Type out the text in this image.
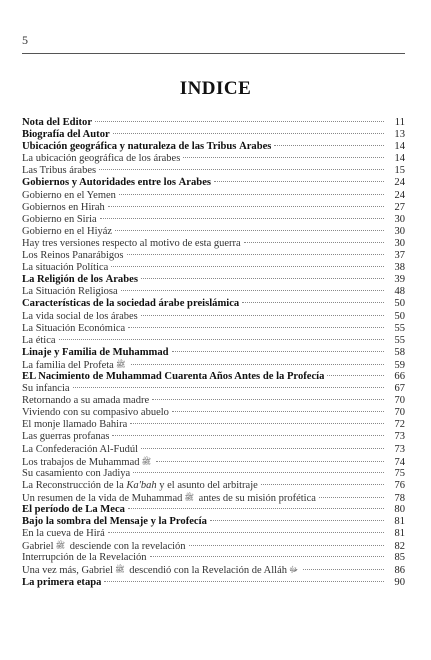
5
INDICE
Nota del Editor	11
Biografía del Autor	13
Ubicación geográfica y naturaleza de las Tribus Árabes	14
La ubicación geográfica de los árabes	14
Las Tribus árabes	15
Gobiernos y Autoridades entre los Árabes	24
Gobierno en el Yemen	24
Gobiernos en Hirah	27
Gobierno en Siria	30
Gobierno en el Hiyáz	30
Hay tres versiones respecto al motivo de esta guerra	30
Los Reinos Panarábigos	37
La situación Política	38
La Religión de los Árabes	39
La Situación Religiosa	48
Características de la sociedad árabe preislámica	50
La vida social de los árabes	50
La Situación Económica	55
La ética	55
Linaje y Familia de Muhammad	58
La familia del Profeta ﷺ	59
EL Nacimiento de Muhammad Cuarenta Años Antes de la Profecía	66
Su infancia	67
Retornando a su amada madre	70
Viviendo con su compasivo abuelo	70
El monje llamado Bahira	72
Las guerras profanas	73
La Confederación Al-Fudúl	73
Los trabajos de Muhammad ﷺ	74
Su casamiento con Jadiya	75
La Reconstrucción de la Ka'bah y el asunto del arbitraje	76
Un resumen de la vida de Muhammad ﷺ antes de su misión profética	78
El período de La Meca	80
Bajo la sombra del Mensaje y la Profecía	81
En la cueva de Hirá	81
Gabriel ﷺ desciende con la revelación	82
Interrupción de la Revelación	85
Una vez más, Gabriel ﷺ descendió con la Revelación de Alláh ﷻ	86
La primera etapa	90
